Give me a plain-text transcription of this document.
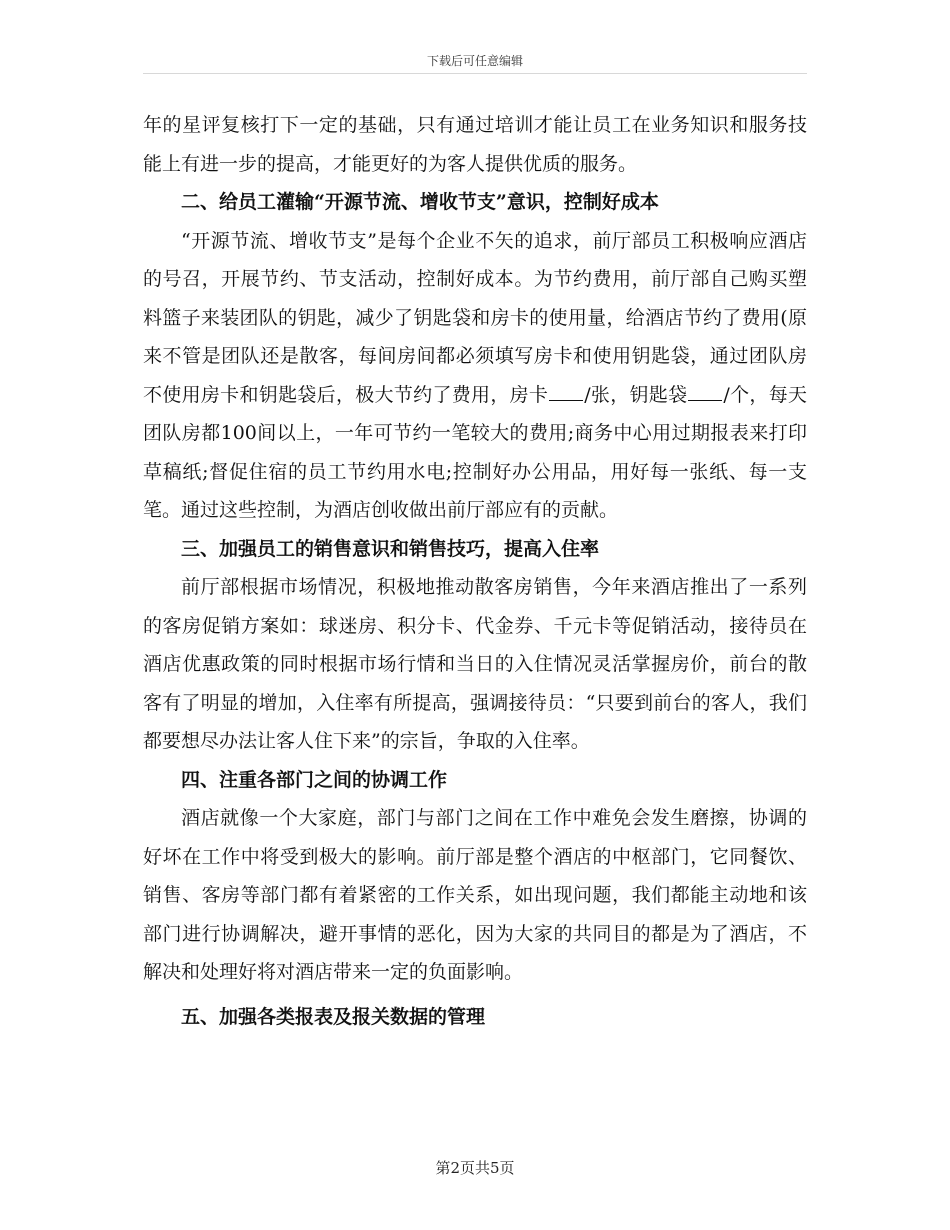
下载后可任意编辑

年的星评复核打下一定的基础，只有通过培训才能让员工在业务知识和服务技能上有进一步的提高，才能更好的为客人提供优质的服务。

二、给员工灌输“开源节流、增收节支”意识，控制好成本

“开源节流、增收节支”是每个企业不矢的追求，前厅部员工积极响应酒店的号召，开展节约、节支活动，控制好成本。为节约费用，前厅部自己购买塑料篮子来装团队的钥匙，减少了钥匙袋和房卡的使用量，给酒店节约了费用(原来不管是团队还是散客，每间房间都必须填写房卡和使用钥匙袋，通过团队房不使用房卡和钥匙袋后，极大节约了费用，房卡 /张，钥匙袋 /个，每天团队房都100间以上，一年可节约一笔较大的费用;商务中心用过期报表来打印草稿纸;督促住宿的员工节约用水电;控制好办公用品，用好每一张纸、每一支笔。通过这些控制，为酒店创收做出前厅部应有的贡献。

三、加强员工的销售意识和销售技巧，提高入住率

前厅部根据市场情况，积极地推动散客房销售，今年来酒店推出了一系列的客房促销方案如：球迷房、积分卡、代金券、千元卡等促销活动，接待员在酒店优惠政策的同时根据市场行情和当日的入住情况灵活掌握房价，前台的散客有了明显的增加，入住率有所提高，强调接待员：“只要到前台的客人，我们都要想尽办法让客人住下来”的宗旨，争取的入住率。

四、注重各部门之间的协调工作

酒店就像一个大家庭，部门与部门之间在工作中难免会发生磨擦，协调的好坏在工作中将受到极大的影响。前厅部是整个酒店的中枢部门，它同餐饮、销售、客房等部门都有着紧密的工作关系，如出现问题，我们都能主动地和该部门进行协调解决，避开事情的恶化，因为大家的共同目的都是为了酒店，不解决和处理好将对酒店带来一定的负面影响。

五、加强各类报表及报关数据的管理
第2页共5页
